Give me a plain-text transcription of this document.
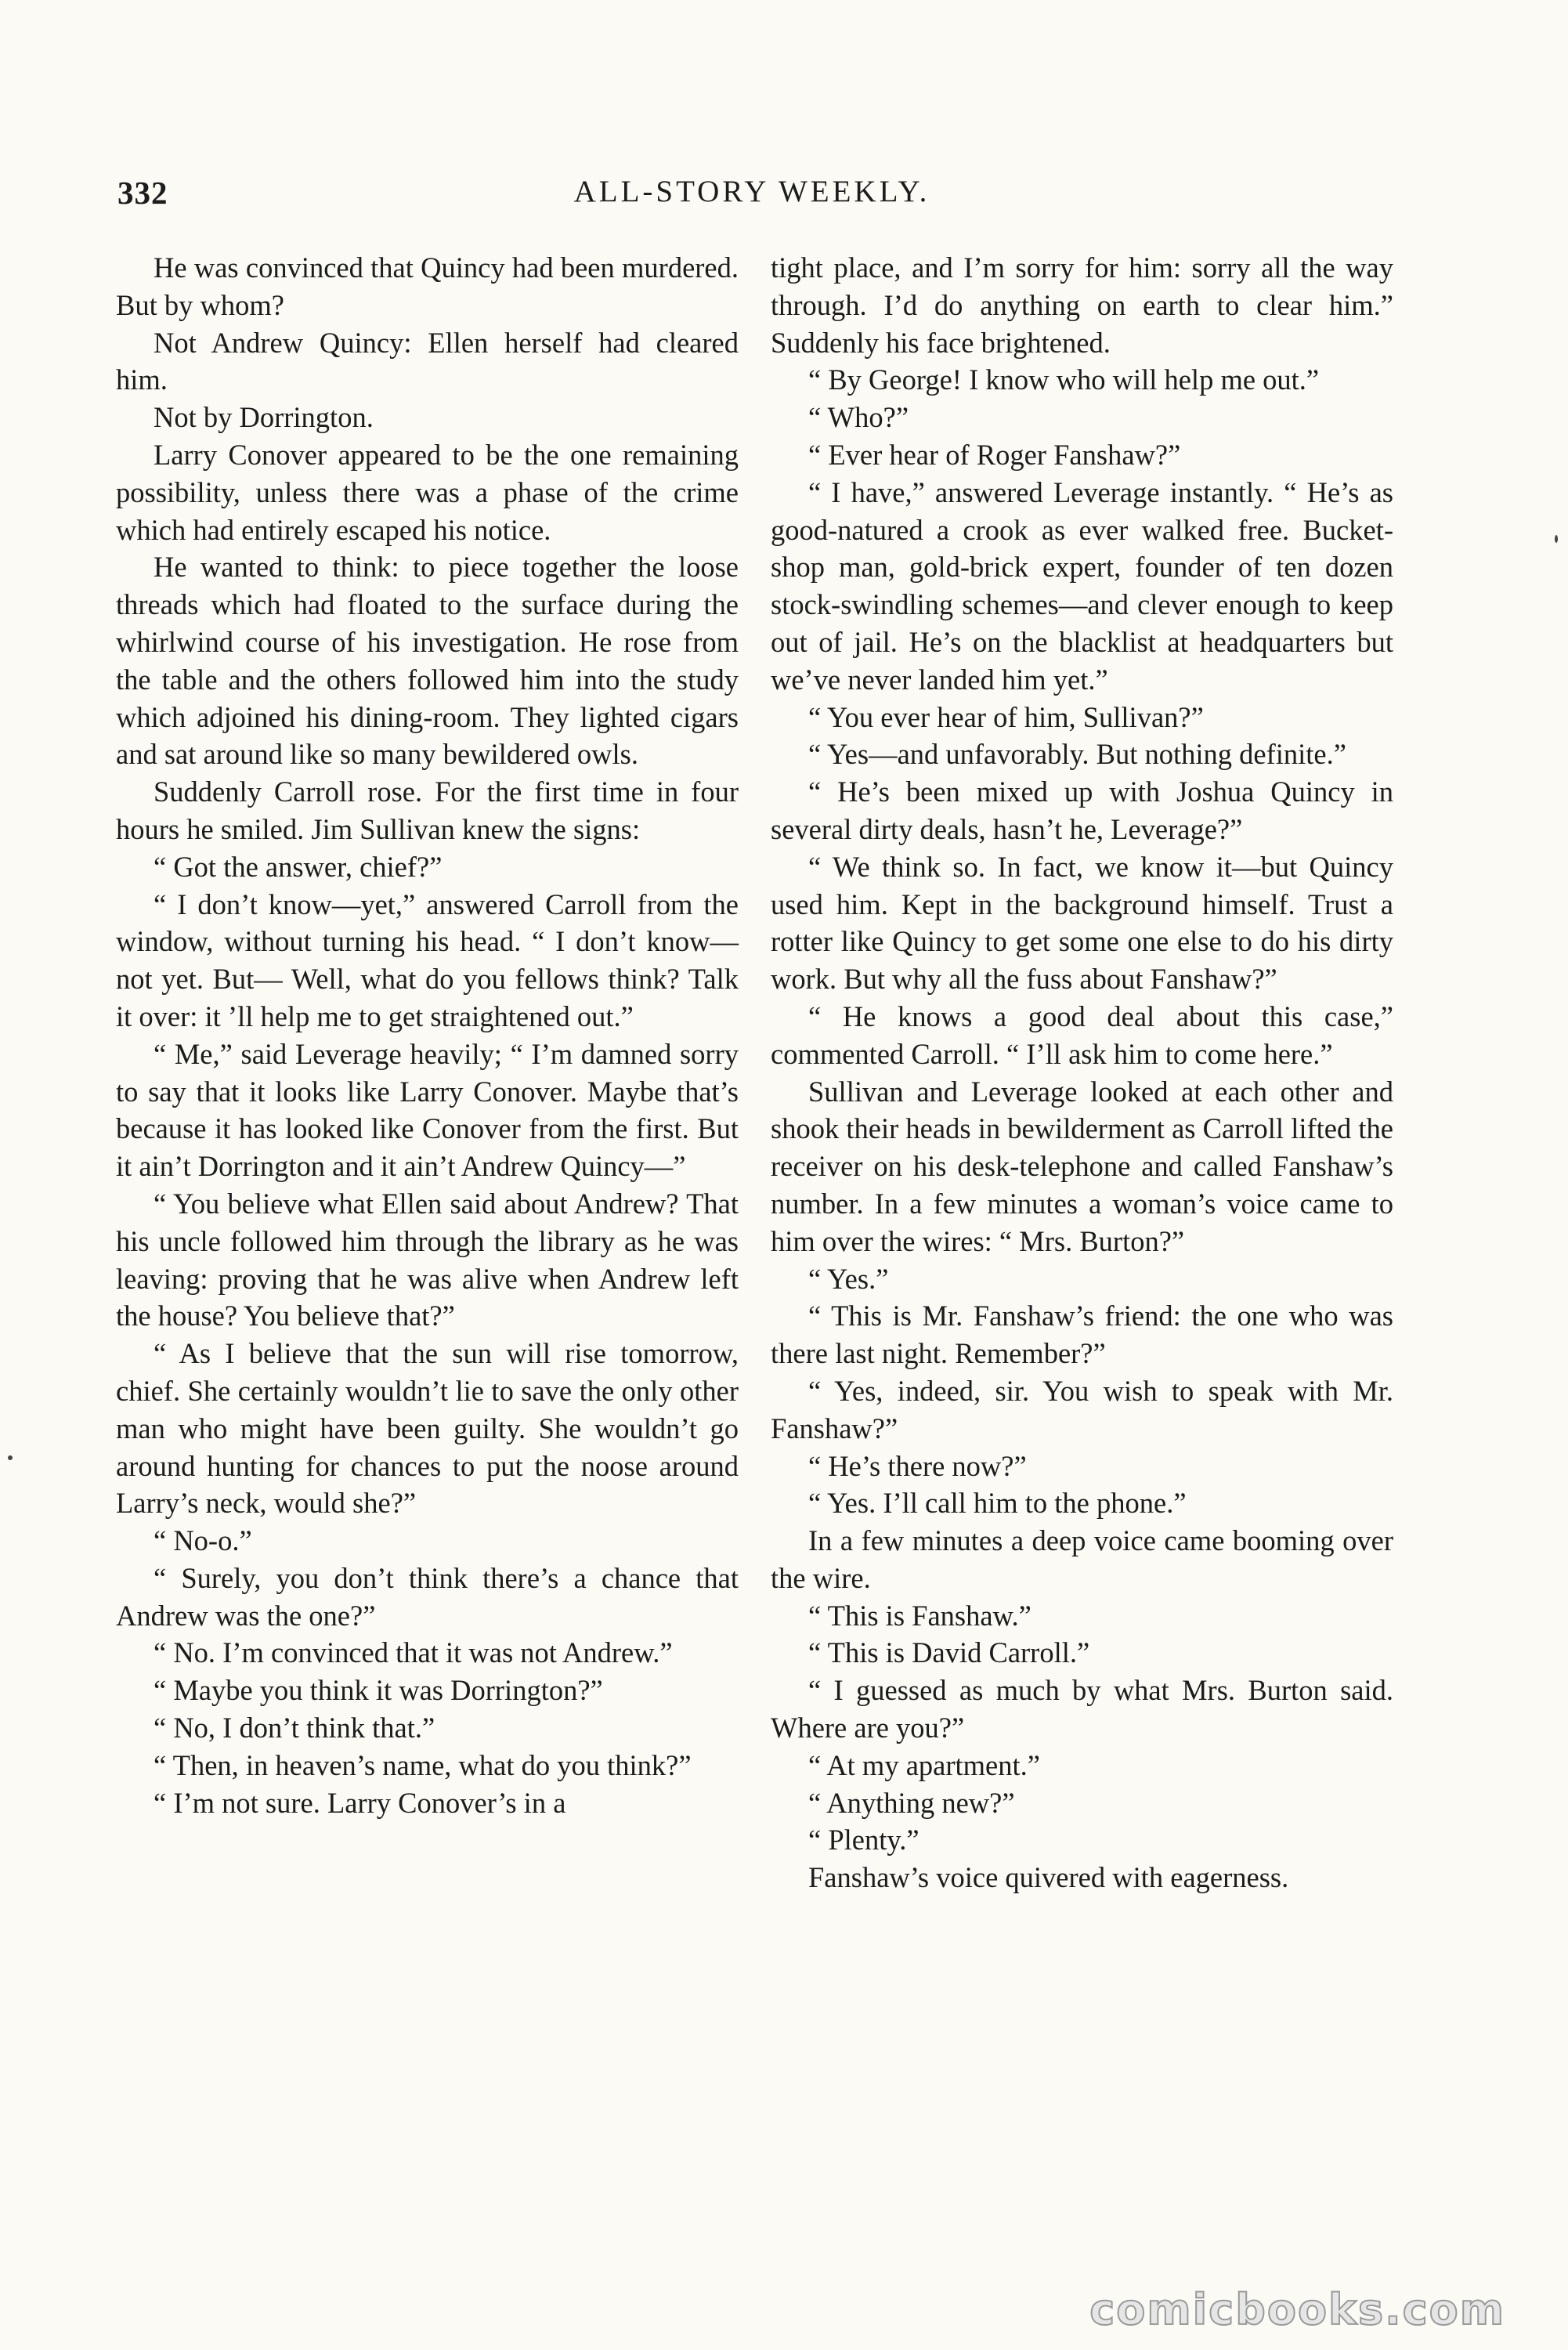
332	ALL-STORY WEEKLY.

He was convinced that Quincy had been murdered. But by whom?

Not Andrew Quincy: Ellen herself had cleared him.

Not by Dorrington.

Larry Conover appeared to be the one remaining possibility, unless there was a phase of the crime which had entirely escaped his notice.

He wanted to think: to piece together the loose threads which had floated to the surface during the whirlwind course of his investigation. He rose from the table and the others followed him into the study which adjoined his dining-room. They lighted cigars and sat around like so many bewildered owls.

Suddenly Carroll rose. For the first time in four hours he smiled. Jim Sullivan knew the signs:

“ Got the answer, chief?”

“ I don’t know—yet,” answered Carroll from the window, without turning his head. “ I don’t know—not yet. But— Well, what do you fellows think? Talk it over: it ’ll help me to get straightened out.”

“ Me,” said Leverage heavily; “ I’m damned sorry to say that it looks like Larry Conover. Maybe that’s because it has looked like Conover from the first. But it ain’t Dorrington and it ain’t Andrew Quincy—”

“ You believe what Ellen said about Andrew? That his uncle followed him through the library as he was leaving: proving that he was alive when Andrew left the house? You believe that?”

“ As I believe that the sun will rise tomorrow, chief. She certainly wouldn’t lie to save the only other man who might have been guilty. She wouldn’t go around hunting for chances to put the noose around Larry’s neck, would she?”

“ No-o.”

“ Surely, you don’t think there’s a chance that Andrew was the one?”

“ No. I’m convinced that it was not Andrew.”

“ Maybe you think it was Dorrington?”

“ No, I don’t think that.”

“ Then, in heaven’s name, what do you think?”

“ I’m not sure. Larry Conover’s in a

tight place, and I’m sorry for him: sorry all the way through. I’d do anything on earth to clear him.” Suddenly his face brightened.

“ By George! I know who will help me out.”

“ Who?”

“ Ever hear of Roger Fanshaw?”

“ I have,” answered Leverage instantly. “ He’s as good-natured a crook as ever walked free. Bucket-shop man, gold-brick expert, founder of ten dozen stock-swindling schemes—and clever enough to keep out of jail. He’s on the blacklist at headquarters but we’ve never landed him yet.”

“ You ever hear of him, Sullivan?”

“ Yes—and unfavorably. But nothing definite.”

“ He’s been mixed up with Joshua Quincy in several dirty deals, hasn’t he, Leverage?”

“ We think so. In fact, we know it—but Quincy used him. Kept in the background himself. Trust a rotter like Quincy to get some one else to do his dirty work. But why all the fuss about Fanshaw?”

“ He knows a good deal about this case,” commented Carroll. “ I’ll ask him to come here.”

Sullivan and Leverage looked at each other and shook their heads in bewilderment as Carroll lifted the receiver on his desk-telephone and called Fanshaw’s number. In a few minutes a woman’s voice came to him over the wires: “ Mrs. Burton?”

“ Yes.”

“ This is Mr. Fanshaw’s friend: the one who was there last night. Remember?”

“ Yes, indeed, sir. You wish to speak with Mr. Fanshaw?”

“ He’s there now?”

“ Yes. I’ll call him to the phone.”

In a few minutes a deep voice came booming over the wire.

“ This is Fanshaw.”

“ This is David Carroll.”

“ I guessed as much by what Mrs. Burton said. Where are you?”

“ At my apartment.”

“ Anything new?”

“ Plenty.”

Fanshaw’s voice quivered with eagerness.

comicbooks.com
